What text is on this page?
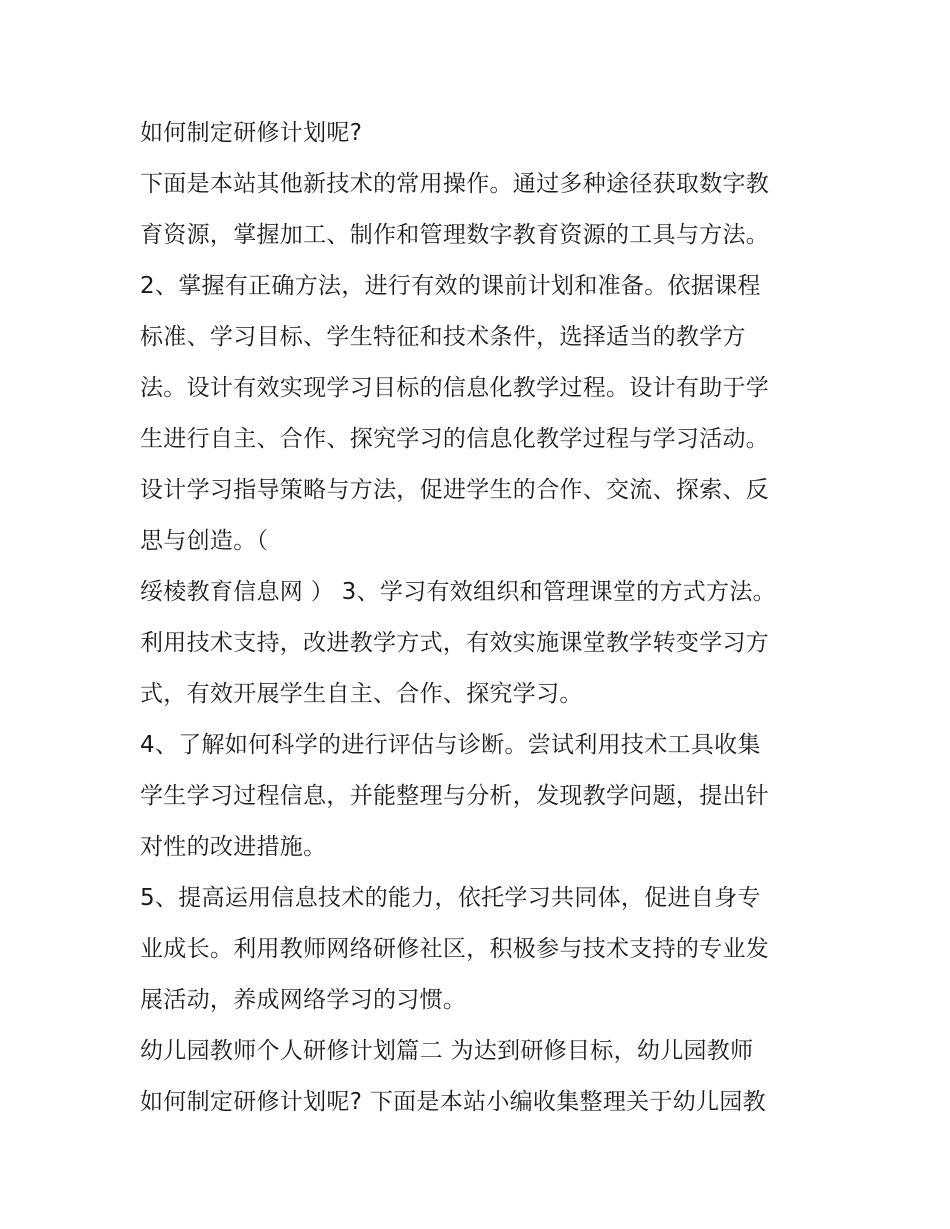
如何制定研修计划呢?
下面是本站其他新技术的常用操作。通过多种途径获取数字教
育资源，掌握加工、制作和管理数字教育资源的工具与方法。
2、掌握有正确方法，进行有效的课前计划和准备。依据课程
标准、学习目标、学生特征和技术条件，选择适当的教学方
法。设计有效实现学习目标的信息化教学过程。设计有助于学
生进行自主、合作、探究学习的信息化教学过程与学习活动。
设计学习指导策略与方法，促进学生的合作、交流、探索、反
思与创造。（
绥棱教育信息网 ） 3、学习有效组织和管理课堂的方式方法。
利用技术支持，改进教学方式，有效实施课堂教学转变学习方
式，有效开展学生自主、合作、探究学习。
4、了解如何科学的进行评估与诊断。尝试利用技术工具收集
学生学习过程信息，并能整理与分析，发现教学问题，提出针
对性的改进措施。
5、提高运用信息技术的能力，依托学习共同体，促进自身专
业成长。利用教师网络研修社区，积极参与技术支持的专业发
展活动，养成网络学习的习惯。
幼儿园教师个人研修计划篇二 为达到研修目标，幼儿园教师
如何制定研修计划呢? 下面是本站小编收集整理关于幼儿园教
